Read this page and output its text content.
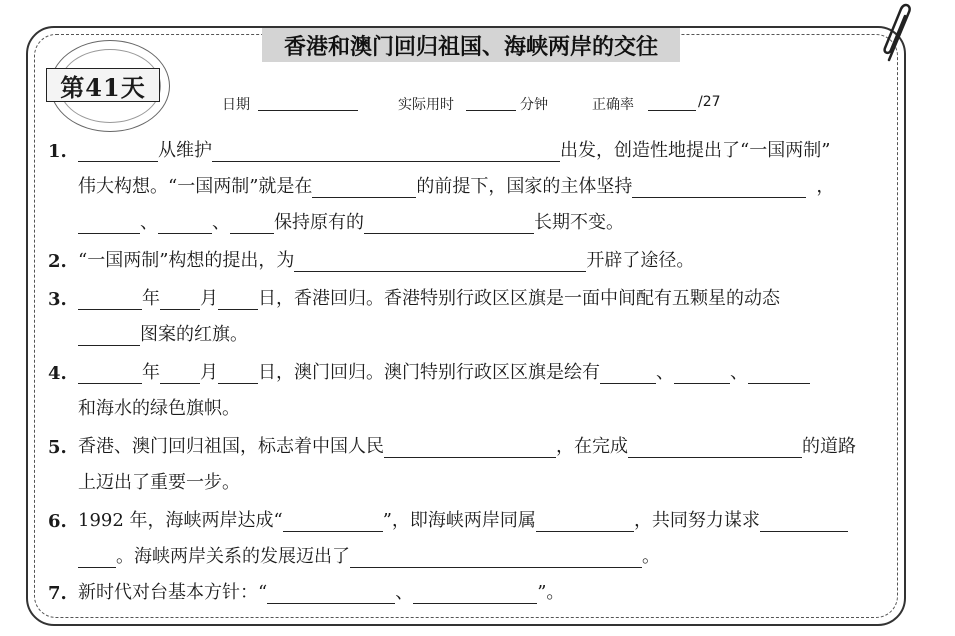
香港和澳门回归祖国、海峡两岸的交往
第41天
日期	实际用时	分钟	正确率	/27
1.	从维护	出发，创造性地提出了“一国两制”
伟大构想。“一国两制”就是在	的前提下，国家的主体坚持	，
、	、 保持原有的	长期不变。
2. “一国两制”构想的提出，为	开辟了途径。
3.	年 月 日，香港回归。香港特别行政区区旗是一面中间配有五颗星的动态
图案的红旗。
4.	年 月 日，澳门回归。澳门特别行政区区旗是绘有	、	、
和海水的绿色旗帜。
5. 香港、澳门回归祖国，标志着中国人民	，在完成	的道路
上迈出了重要一步。
6. 1992 年，海峡两岸达成“	”，即海峡两岸同属	，共同努力谋求
。海峡两岸关系的发展迈出了	。
7. 新时代对台基本方针：“	、	”。
